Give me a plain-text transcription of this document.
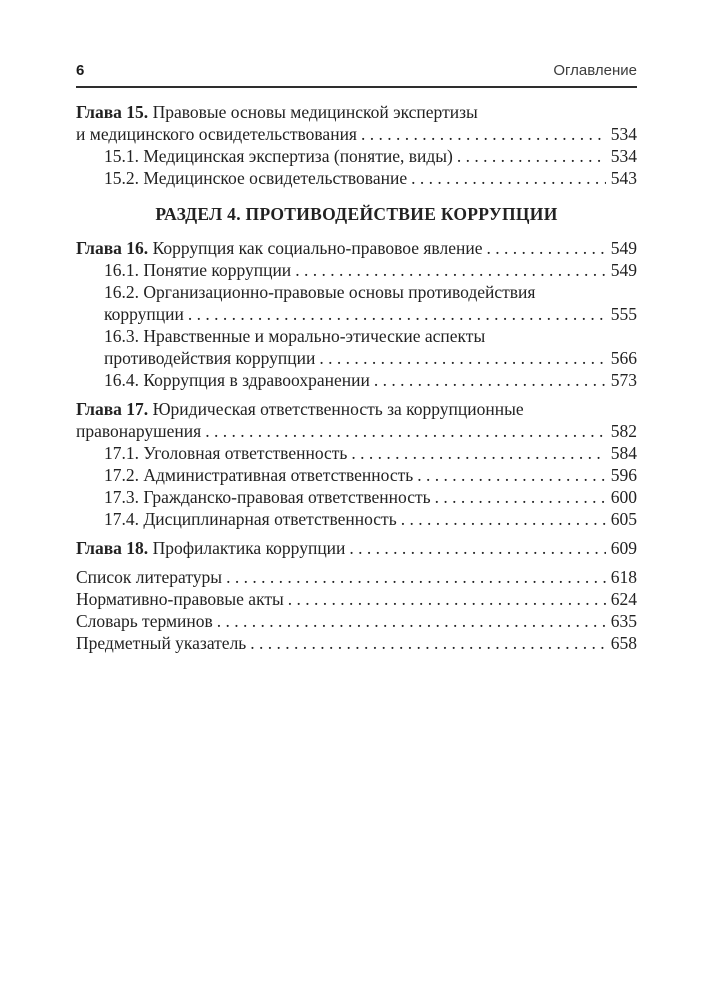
6	Оглавление
Глава 15. Правовые основы медицинской экспертизы
и медицинского освидетельствования . . .	534
15.1. Медицинская экспертиза (понятие, виды) . . .	534
15.2. Медицинское освидетельствование . . .	543
РАЗДЕЛ 4. ПРОТИВОДЕЙСТВИЕ КОРРУПЦИИ
Глава 16. Коррупция как социально-правовое явление . . .	549
16.1. Понятие коррупции . . .	549
16.2. Организационно-правовые основы противодействия
коррупции . . .	555
16.3. Нравственные и морально-этические аспекты
противодействия коррупции . . .	566
16.4. Коррупция в здравоохранении . . .	573
Глава 17. Юридическая ответственность за коррупционные
правонарушения . . .	582
17.1. Уголовная ответственность . . .	584
17.2. Административная ответственность . . .	596
17.3. Гражданско-правовая ответственность . . .	600
17.4. Дисциплинарная ответственность . . .	605
Глава 18. Профилактика коррупции . . .	609
Список литературы . . .	618
Нормативно-правовые акты . . .	624
Словарь терминов . . .	635
Предметный указатель . . .	658
